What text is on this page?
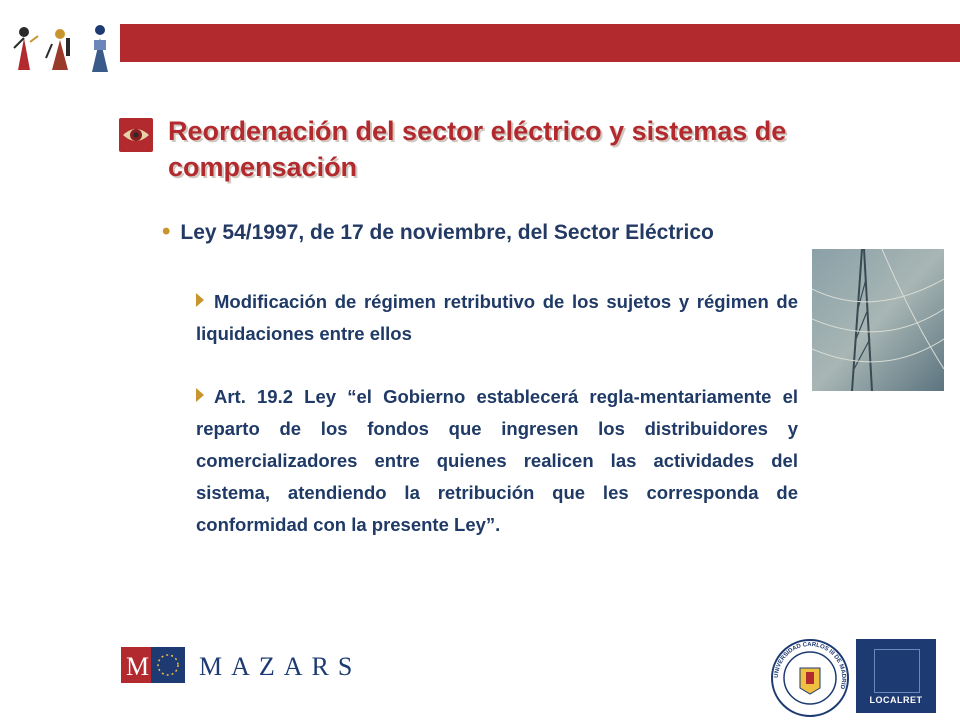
Reordenación del sector eléctrico y sistemas de compensación
• Ley 54/1997, de 17 de noviembre, del Sector Eléctrico
Modificación de régimen retributivo de los sujetos y régimen de liquidaciones entre ellos
Art. 19.2 Ley “el Gobierno establecerá regla-mentariamente el reparto de los fondos que ingresen los distribuidores y comercializadores entre quienes realicen las actividades del sistema, atendiendo la retribución que les corresponda de conformidad con la presente Ley”.
M MAZARS	UNIVERSIDAD CARLOS III DE MADRID
LOCALRET
